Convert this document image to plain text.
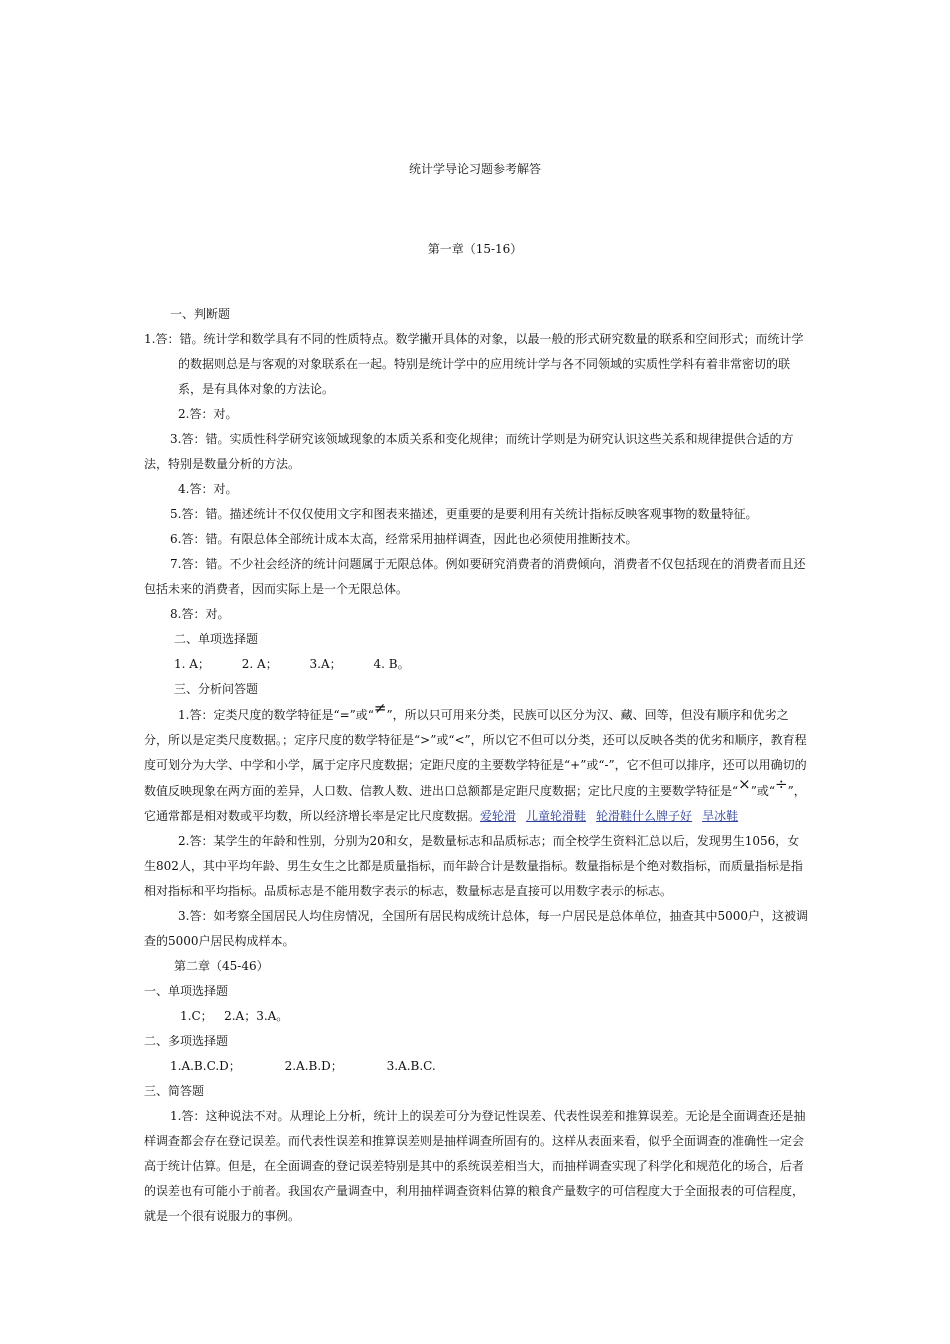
统计学导论习题参考解答
第一章（15-16）

一、判断题

1.答：错。统计学和数学具有不同的性质特点。数学撇开具体的对象，以最一般的形式研究数量的联系和空间形式；而统计学的数据则总是与客观的对象联系在一起。特别是统计学中的应用统计学与各不同领域的实质性学科有着非常密切的联系，是有具体对象的方法论。

2.答：对。

3.答：错。实质性科学研究该领域现象的本质关系和变化规律；而统计学则是为研究认识这些关系和规律提供合适的方法，特别是数量分析的方法。

4.答：对。

5.答：错。描述统计不仅仅使用文字和图表来描述，更重要的是要利用有关统计指标反映客观事物的数量特征。

6.答：错。有限总体全部统计成本太高，经常采用抽样调查，因此也必须使用推断技术。

7.答：错。不少社会经济的统计问题属于无限总体。例如要研究消费者的消费倾向，消费者不仅包括现在的消费者而且还包括未来的消费者，因而实际上是一个无限总体。

8.答：对。

二、单项选择题

1. A；	2. A；	3.A；	4. B。

三、分析问答题

1.答：定类尺度的数学特征是“=”或“≠”，所以只可用来分类，民族可以区分为汉、藏、回等，但没有顺序和优劣之分，所以是定类尺度数据。；定序尺度的数学特征是“>”或“<”，所以它不但可以分类，还可以反映各类的优劣和顺序，教育程度可划分为大学、中学和小学，属于定序尺度数据；定距尺度的主要数学特征是“+”或“-”，它不但可以排序，还可以用确切的数值反映现象在两方面的差异，人口数、信教人数、进出口总额都是定距尺度数据；定比尺度的主要数学特征是“×”或“÷”，它通常都是相对数或平均数，所以经济增长率是定比尺度数据。爱轮滑 儿童轮滑鞋 轮滑鞋什么牌子好 旱冰鞋

2.答：某学生的年龄和性别，分别为20和女，是数量标志和品质标志；而全校学生资料汇总以后，发现男生1056，女生802人，其中平均年龄、男生女生之比都是质量指标，而年龄合计是数量指标。数量指标是个绝对数指标，而质量指标是指相对指标和平均指标。品质标志是不能用数字表示的标志，数量标志是直接可以用数字表示的标志。

3.答：如考察全国居民人均住房情况，全国所有居民构成统计总体，每一户居民是总体单位，抽查其中5000户，这被调查的5000户居民构成样本。

第二章（45-46）

一、单项选择题

1.C；   2.A；3.A。

二、多项选择题

1.A.B.C.D；	2.A.B.D；	3.A.B.C.

三、简答题

1.答：这种说法不对。从理论上分析，统计上的误差可分为登记性误差、代表性误差和推算误差。无论是全面调查还是抽样调查都会存在登记误差。而代表性误差和推算误差则是抽样调查所固有的。这样从表面来看，似乎全面调查的准确性一定会高于统计估算。但是，在全面调查的登记误差特别是其中的系统误差相当大，而抽样调查实现了科学化和规范化的场合，后者的误差也有可能小于前者。我国农产量调查中，利用抽样调查资料估算的粮食产量数字的可信程度大于全面报表的可信程度，就是一个很有说服力的事例。
